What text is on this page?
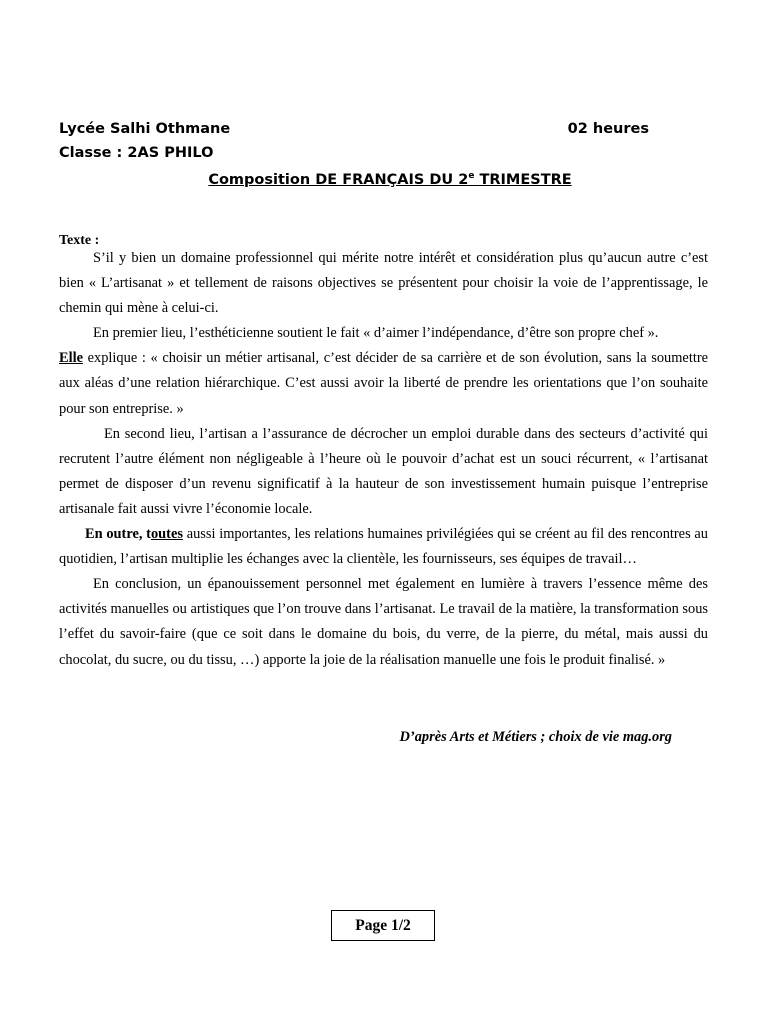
Lycée Salhi Othmane	02 heures
Classe : 2AS PHILO
Composition DE FRANÇAIS DU 2e TRIMESTRE
Texte :

S’il y bien un domaine professionnel qui mérite notre intérêt et considération plus qu’aucun autre c’est bien « L’artisanat » et tellement de raisons objectives se présentent pour choisir la voie de l’apprentissage, le chemin qui mène à celui-ci.

En premier lieu, l’esthéticienne soutient le fait « d’aimer l’indépendance, d’être son propre chef ».

Elle explique : « choisir un métier artisanal, c’est décider de sa carrière et de son évolution, sans la soumettre aux aléas d’une relation hiérarchique. C’est aussi avoir la liberté de prendre les orientations que l’on souhaite pour son entreprise. »

En second lieu, l’artisan a l’assurance de décrocher un emploi durable dans des secteurs d’activité qui recrutent l’autre élément non négligeable à l’heure où le pouvoir d’achat est un souci récurrent, « l’artisanat permet de disposer d’un revenu significatif à la hauteur de son investissement humain puisque l’entreprise artisanale fait aussi vivre l’économie locale.

En outre, toutes aussi importantes, les relations humaines privilégiées qui se créent au fil des rencontres au quotidien, l’artisan multiplie les échanges avec la clientèle, les fournisseurs, ses équipes de travail…

En conclusion, un épanouissement personnel met également en lumière à travers l’essence même des activités manuelles ou artistiques que l’on trouve dans l’artisanat. Le travail de la matière, la transformation sous l’effet du savoir-faire (que ce soit dans le domaine du bois, du verre, de la pierre, du métal, mais aussi du chocolat, du sucre, ou du tissu, …) apporte la joie de la réalisation manuelle une fois le produit finalisé. »

D’après Arts et Métiers ; choix de vie mag.org
Page 1/2
